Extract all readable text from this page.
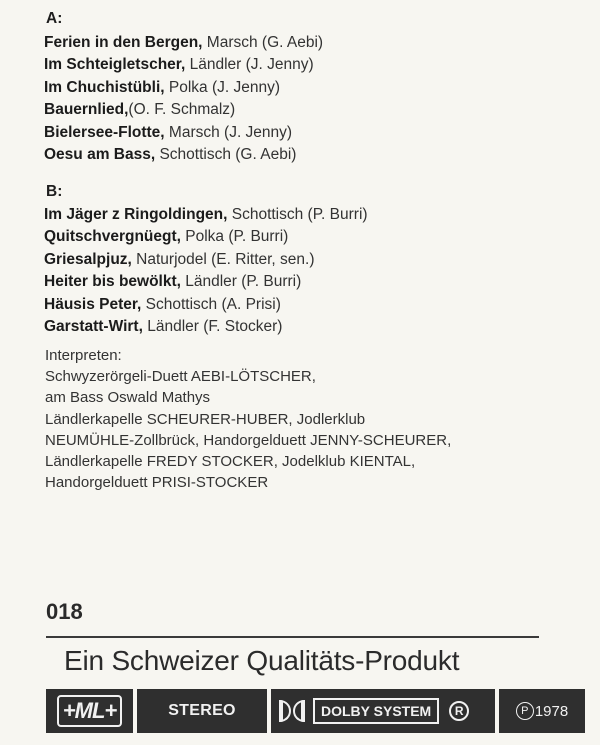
A:
Ferien in den Bergen, Marsch (G. Aebi)
Im Schteigletscher, Ländler (J. Jenny)
Im Chuchistübli, Polka (J. Jenny)
Bauernlied,(O. F. Schmalz)
Bielersee-Flotte, Marsch (J. Jenny)
Oesu am Bass, Schottisch (G. Aebi)
B:
Im Jäger z Ringoldingen, Schottisch (P. Burri)
Quitschvergnüegt, Polka (P. Burri)
Griesalpjuz, Naturjodel (E. Ritter, sen.)
Heiter bis bewölkt, Ländler (P. Burri)
Häusis Peter, Schottisch (A. Prisi)
Garstatt-Wirt, Ländler (F. Stocker)
Interpreten:
Schwyzerörgeli-Duett AEBI-LÖTSCHER,
am Bass Oswald Mathys
Ländlerkapelle SCHEURER-HUBER, Jodlerklub
NEUMÜHLE-Zollbrück, Handorgelduett JENNY-SCHEURER,
Ländlerkapelle FREDY STOCKER, Jodelklub KIENTAL,
Handorgelduett PRISI-STOCKER
018
Ein Schweizer Qualitäts-Produkt
+ML+	STEREO	DOLBY SYSTEM	R	P 1978
